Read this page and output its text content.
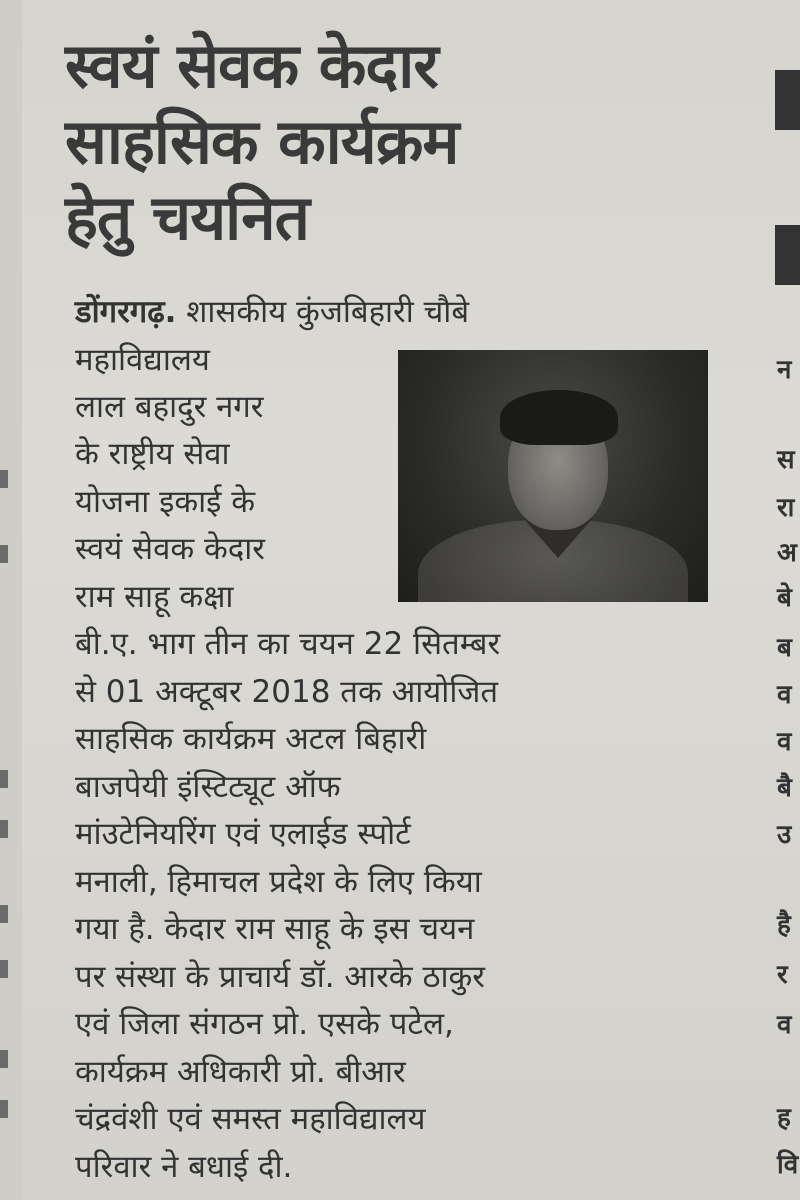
न
स
रा
अ
बे
ब
व
व
बै
उ
है
र
व
ह
वि
स्वयं सेवक केदार
साहसिक कार्यक्रम
हेतु चयनित
डोंगरगढ़. शासकीय कुंजबिहारी चौबे
महाविद्यालय
लाल बहादुर नगर
के राष्ट्रीय सेवा
योजना इकाई के
स्वयं सेवक केदार
राम साहू कक्षा
बी.ए. भाग तीन का चयन 22 सितम्बर
से 01 अक्टूबर 2018 तक आयोजित
साहसिक कार्यक्रम अटल बिहारी
बाजपेयी इंस्टिट्यूट ऑफ
मांउटेनियरिंग एवं एलाईड स्पोर्ट
मनाली, हिमाचल प्रदेश के लिए किया
गया है. केदार राम साहू के इस चयन
पर संस्था के प्राचार्य डॉ. आरके ठाकुर
एवं जिला संगठन प्रो. एसके पटेल,
कार्यक्रम अधिकारी प्रो. बीआर
चंद्रवंशी एवं समस्त महाविद्यालय
परिवार ने बधाई दी.
